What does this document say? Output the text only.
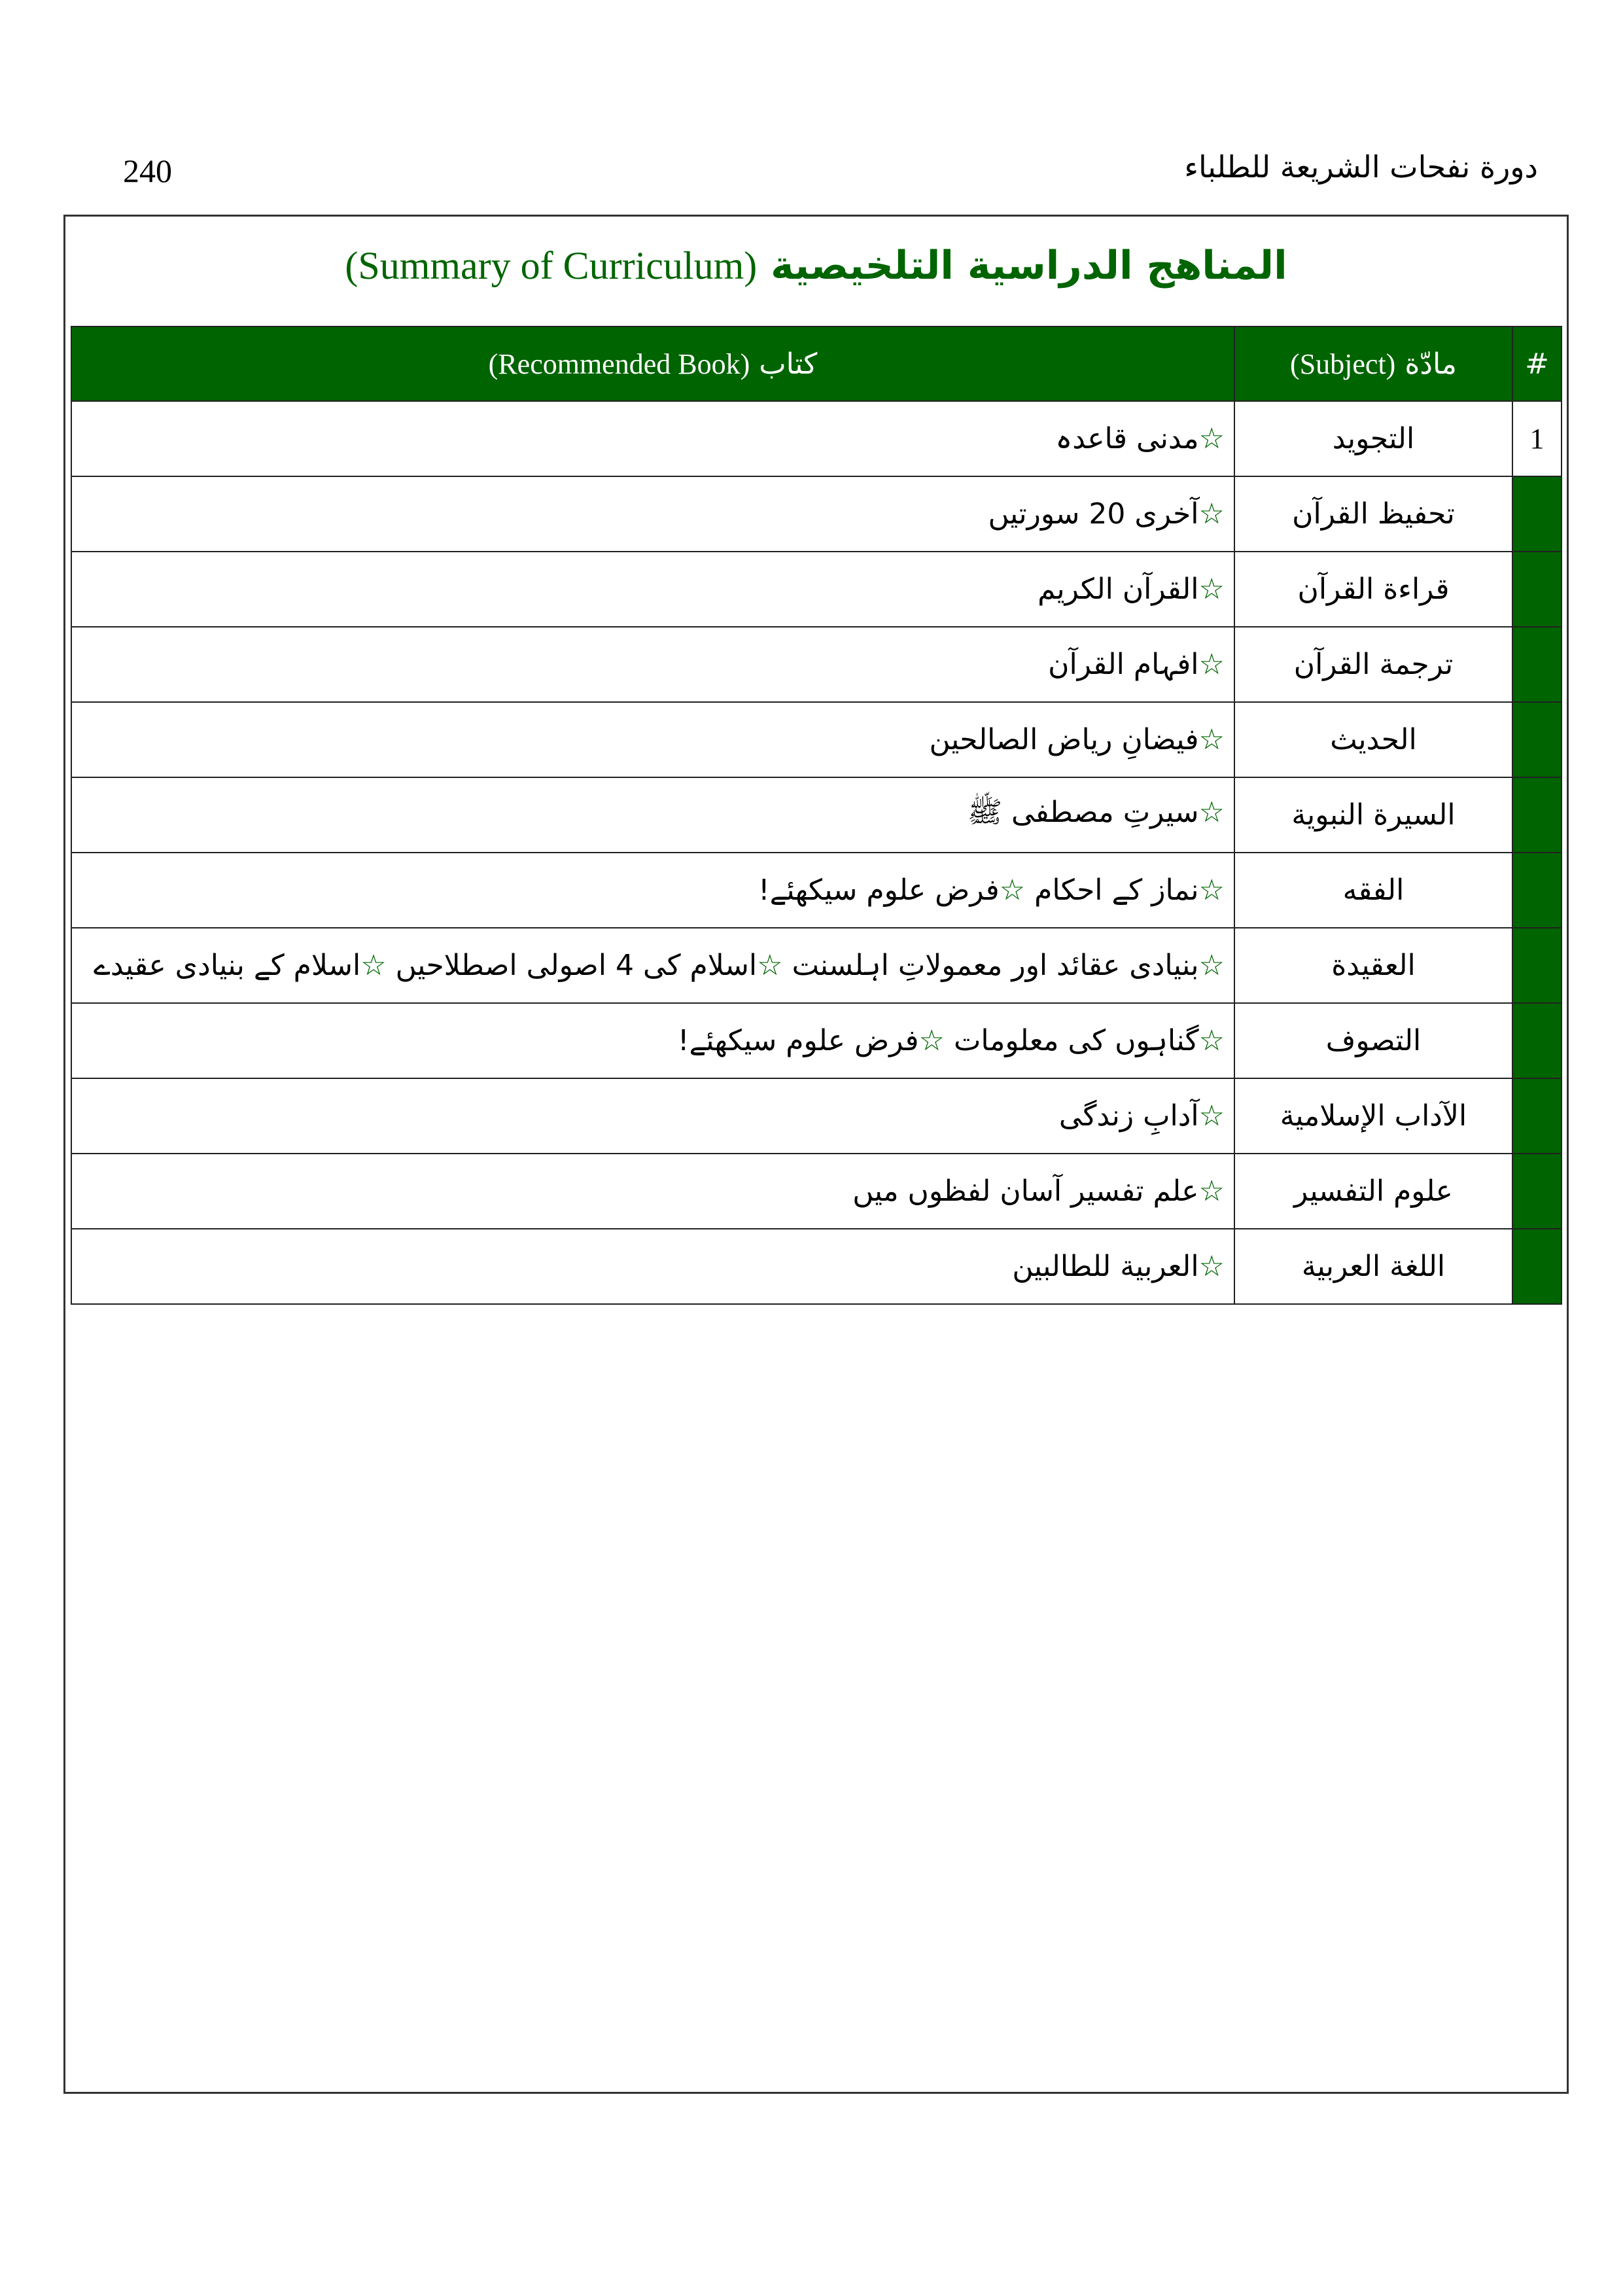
240	دورة نفحات الشريعة للطلباء
المناهج الدراسية التلخيصية (Summary of Curriculum)
#	مادّة (Subject)	كتاب (Recommended Book)
1	التجويد	☆مدنی قاعدہ
	تحفيظ القرآن	☆آخری 20 سورتیں
	قراءة القرآن	☆القرآن الكريم
	ترجمة القرآن	☆افہام القرآن
	الحديث	☆فیضانِ ریاض الصالحین
	السيرة النبوية	☆سیرتِ مصطفی ﷺ
	الفقه	☆نماز کے احکام ☆فرض علوم سیکھئے!
	العقيدة	☆بنیادی عقائد اور معمولاتِ اہلسنت ☆اسلام کی 4 اصولی اصطلاحیں ☆اسلام کے بنیادی عقیدے
	التصوف	☆گناہوں کی معلومات ☆فرض علوم سیکھئے!
	الآداب الإسلامية	☆آدابِ زندگی
	علوم التفسير	☆علم تفسیر آسان لفظوں میں
	اللغة العربية	☆العربية للطالبين
